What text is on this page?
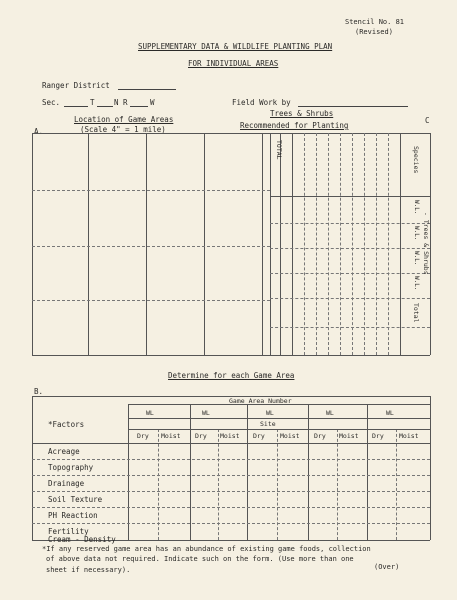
Stencil No. 81
(Revised)
SUPPLEMENTARY DATA & WILDLIFE PLANTING PLAN
FOR INDIVIDUAL AREAS
Ranger District
Sec.	T	N R	W	Field Work by
Trees & Shrubs
Recommended for Planting
C
Location of Game Areas
(Scale 4" = 1 mile)
A.
TOTAL	Species
W.L.
W.L.
W.L.
W.L.
Total
- Trees & Shrubs
Determine for each Game Area
B.
Game Area Number
WL	WL	WL	WL	WL
Site
*Factors
Dry Moist Dry Moist Dry Moist Dry Moist Dry Moist
Acreage
Topography
Drainage
Soil Texture
PH Reaction
Fertility
Cream - Density
*If any reserved game area has an abundance of existing game foods, collection
of above data not required. Indicate such on the form. (Use more than one
sheet if necessary).	(Over)
